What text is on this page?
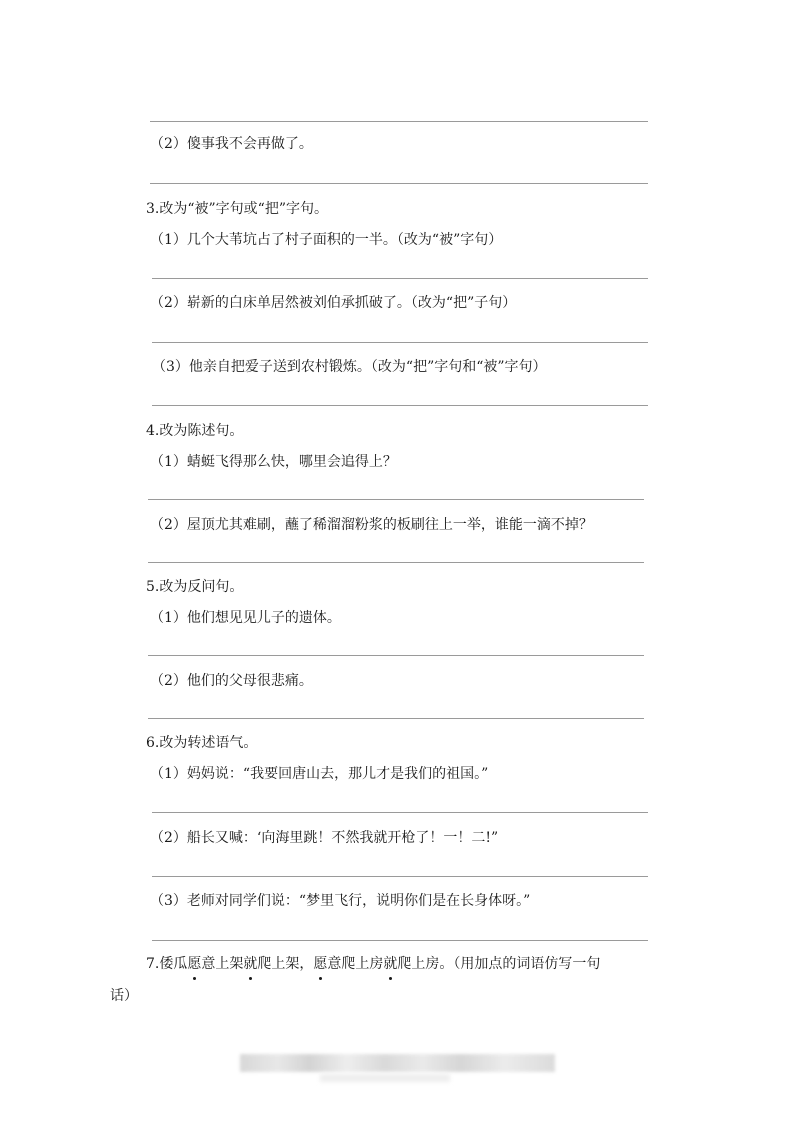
（2）傻事我不会再做了。
3.改为“被”字句或“把”字句。
（1）几个大苇坑占了村子面积的一半。（改为“被”字句）
（2）崭新的白床单居然被刘伯承抓破了。（改为“把”子句）
（3）他亲自把爱子送到农村锻炼。（改为“把”字句和“被”字句）
4.改为陈述句。
（1）蜻蜓飞得那么快，哪里会追得上？
（2）屋顶尤其难刷，蘸了稀溜溜粉浆的板刷往上一举，谁能一滴不掉？
5.改为反问句。
（1）他们想见见儿子的遗体。
（2）他们的父母很悲痛。
6.改为转述语气。
（1）妈妈说：“我要回唐山去，那儿才是我们的祖国。”
（2）船长又喊：‘向海里跳！不然我就开枪了！一！二!”
（3）老师对同学们说：“梦里飞行，说明你们是在长身体呀。”
7.倭瓜愿意上架就爬上架，愿意爬上房就爬上房。（用加点的词语仿写一句
话）
